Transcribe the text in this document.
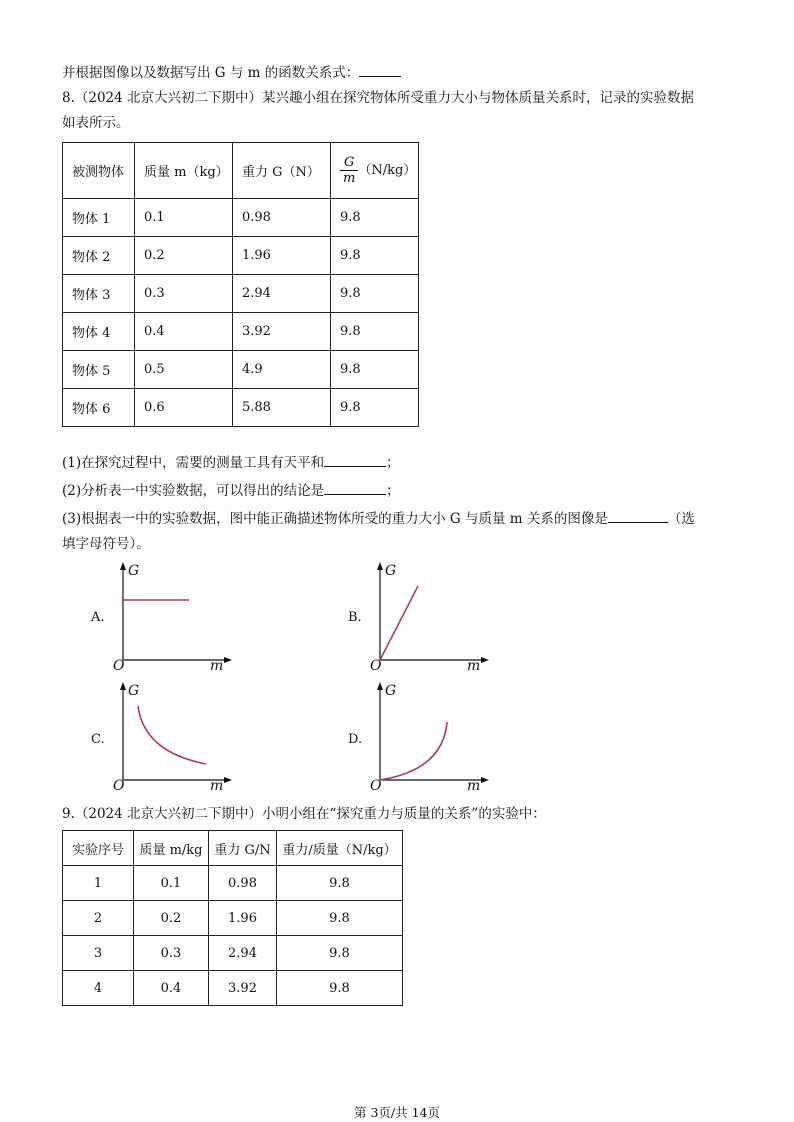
并根据图像以及数据写出 G 与 m 的函数关系式：
8.（2024 北京大兴初二下期中）某兴趣小组在探究物体所受重力大小与物体质量关系时，记录的实验数据
如表所示。
被测物体	质量 m（kg）	重力 G（N）	$\frac{G}{m} (N/kg)$
物体 1	0.1	0.98	9.8
物体 2	0.2	1.96	9.8
物体 3	0.3	2.94	9.8
物体 4	0.4	3.92	9.8
物体 5	0.5	4.9	9.8
物体 6	0.6	5.88	9.8
(1)在探究过程中，需要的测量工具有天平和	；
(2)分析表一中实验数据，可以得出的结论是	；
(3)根据表一中的实验数据，图中能正确描述物体所受的重力大小 G 与质量 m 关系的图像是	（选
填字母符号）。
A.	B.
C.	D.
G
m
O
G
m
O
G
m
O
G
m
O
9.（2024 北京大兴初二下期中）小明小组在“探究重力与质量的关系”的实验中：
实验序号	质量 m/kg	重力 G/N	重力/质量（N/kg）
1	0.1	0.98	9.8
2	0.2	1.96	9.8
3	0.3	2.94	9.8
4	0.4	3.92	9.8
第 3页/共 14页
